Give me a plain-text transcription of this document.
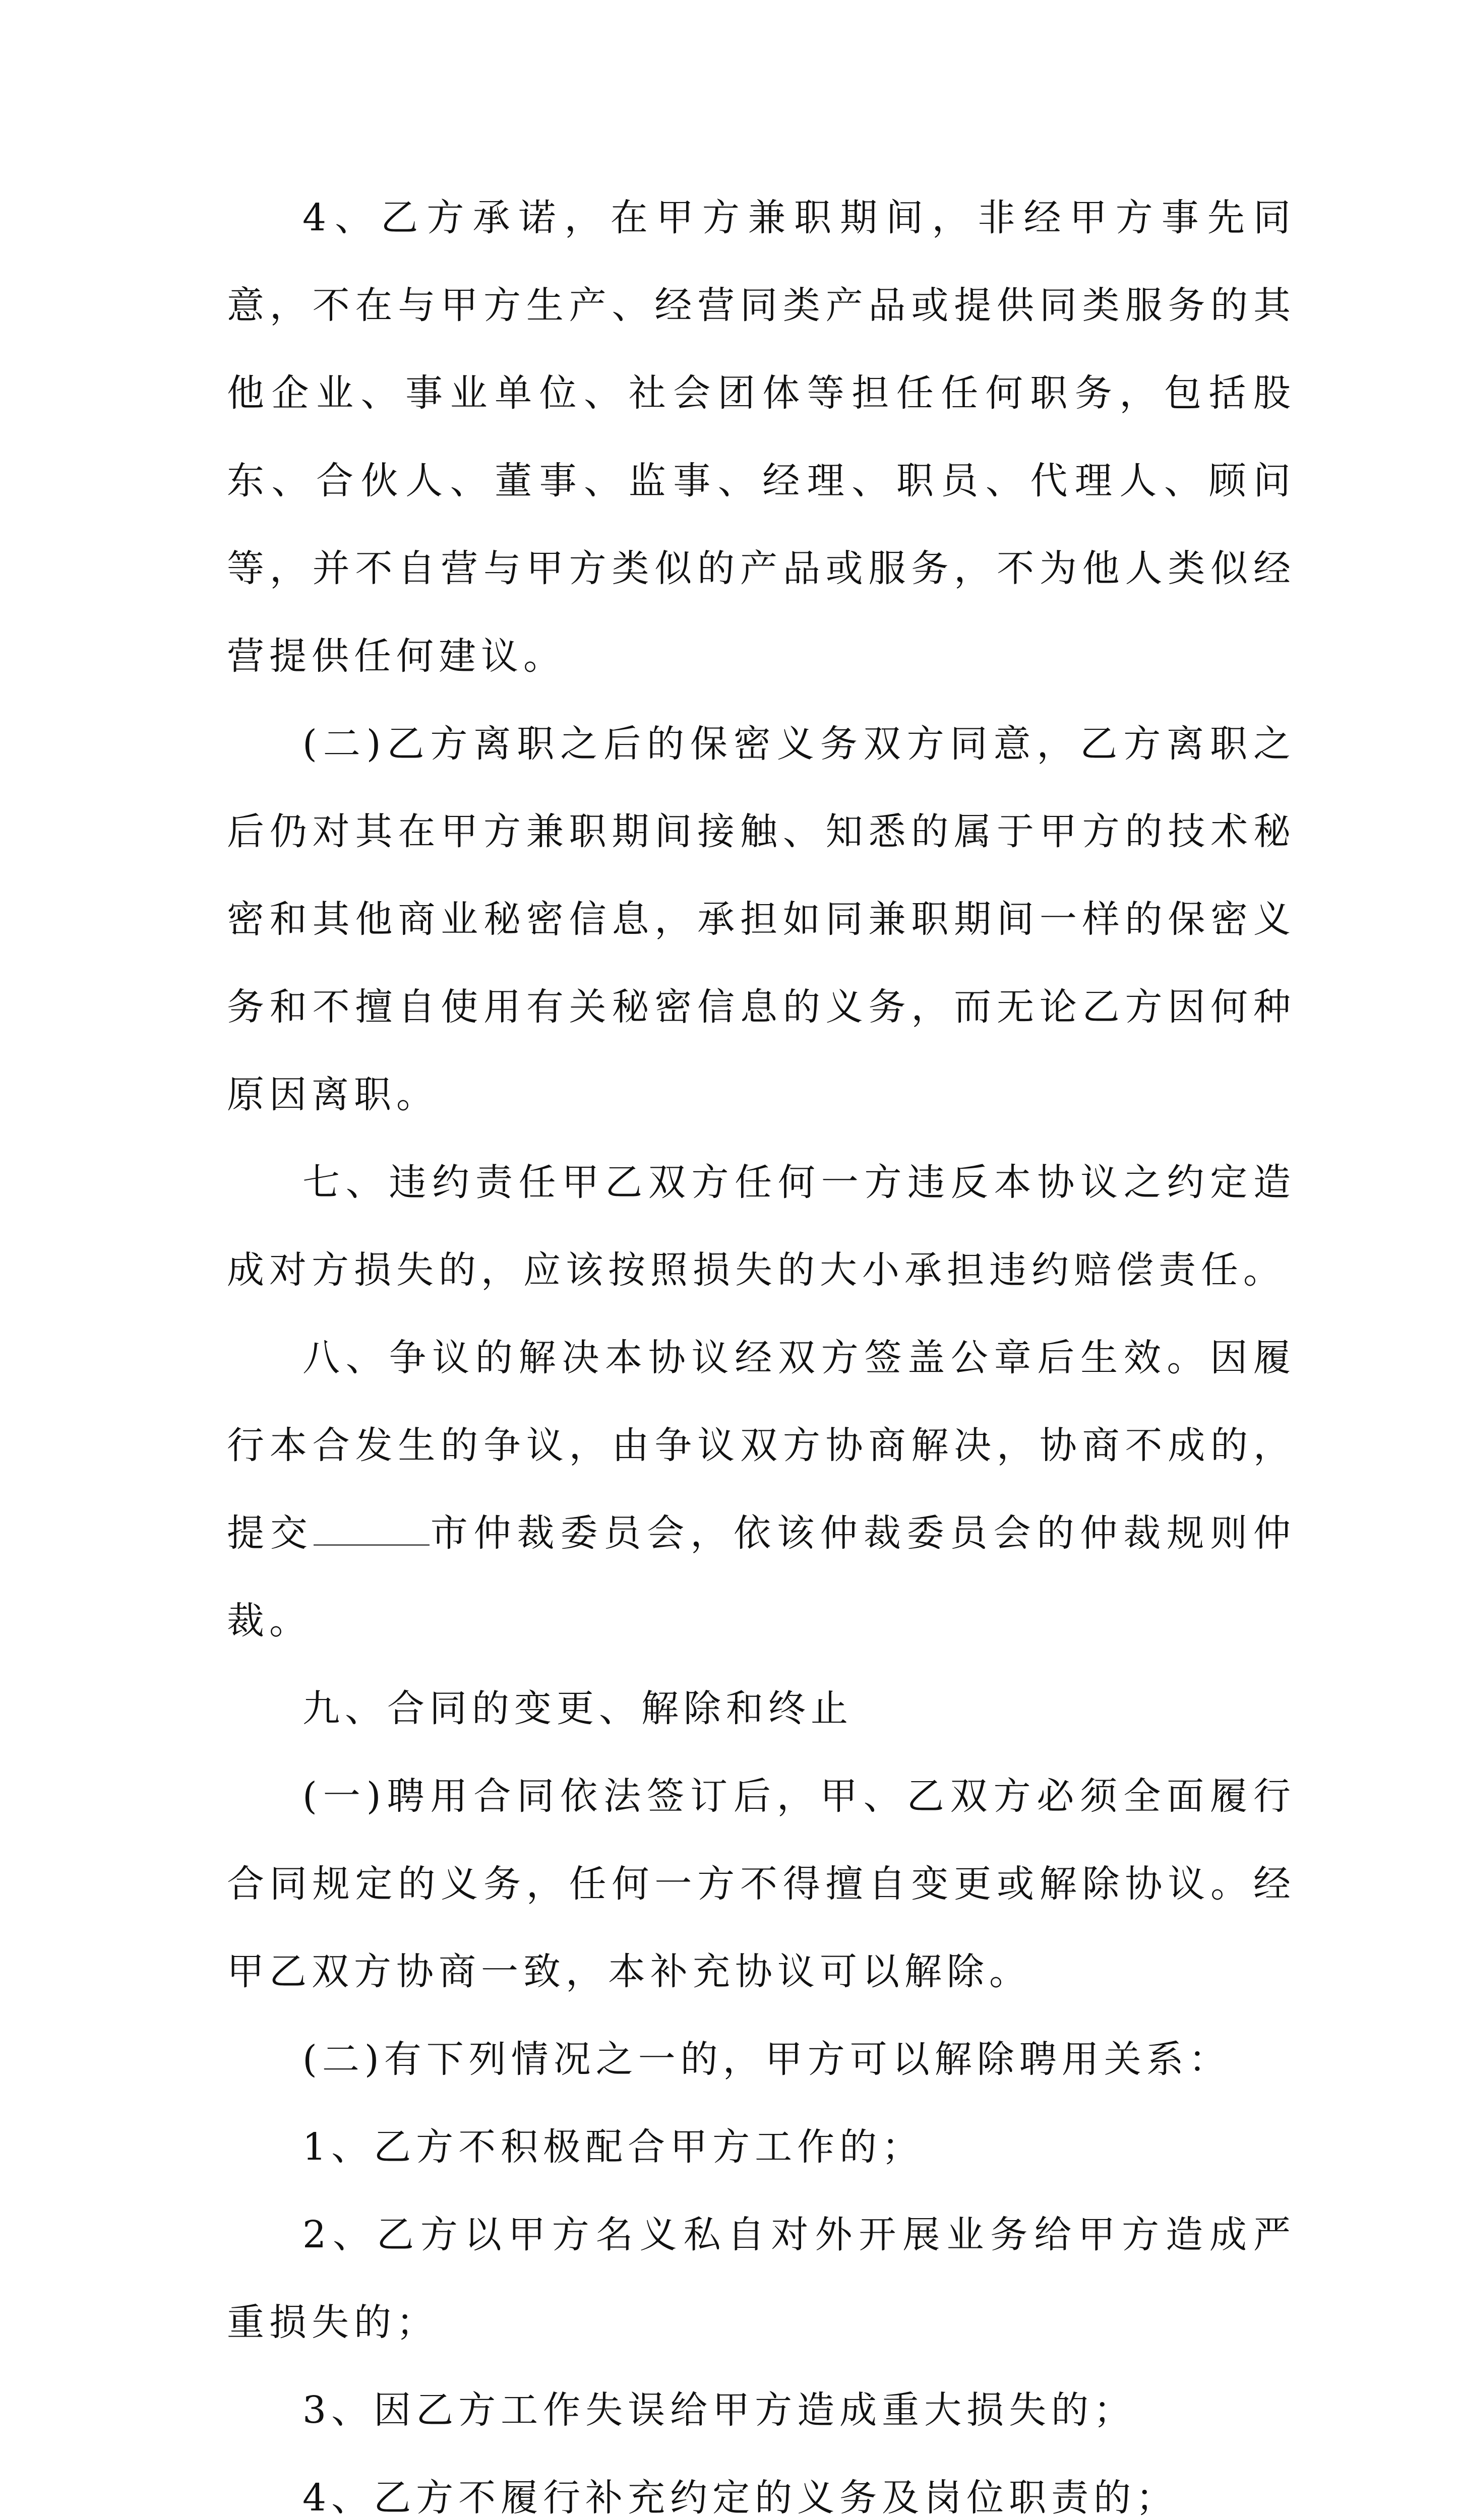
4、乙方承诺，在甲方兼职期间，非经甲方事先同意，不在与甲方生产、经营同类产品或提供同类服务的其他企业、事业单位、社会团体等担任任何职务，包括股东、合伙人、董事、监事、经理、职员、代理人、顾问等，并不自营与甲方类似的产品或服务，不为他人类似经营提供任何建议。

(二)乙方离职之后的保密义务双方同意，乙方离职之后仍对其在甲方兼职期间接触、知悉的属于甲方的技术秘密和其他商业秘密信息，承担如同兼职期间一样的保密义务和不擅自使用有关秘密信息的义务，而无论乙方因何种原因离职。

七、违约责任甲乙双方任何一方违反本协议之约定造成对方损失的，应该按照损失的大小承担违约赔偿责任。

八、争议的解决本协议经双方签盖公章后生效。因履行本合发生的争议，由争议双方协商解决，协商不成的，提交	市仲裁委员会，依该仲裁委员会的仲裁规则仲裁。

九、合同的变更、解除和终止

(一)聘用合同依法签订后，甲、乙双方必须全面履行合同规定的义务，任何一方不得擅自变更或解除协议。经甲乙双方协商一致，本补充协议可以解除。

(二)有下列情况之一的，甲方可以解除聘用关系：

1、乙方不积极配合甲方工作的；

2、乙方以甲方名义私自对外开展业务给甲方造成严重损失的；

3、因乙方工作失误给甲方造成重大损失的；

4、乙方不履行补充约定的义务及岗位职责的；
